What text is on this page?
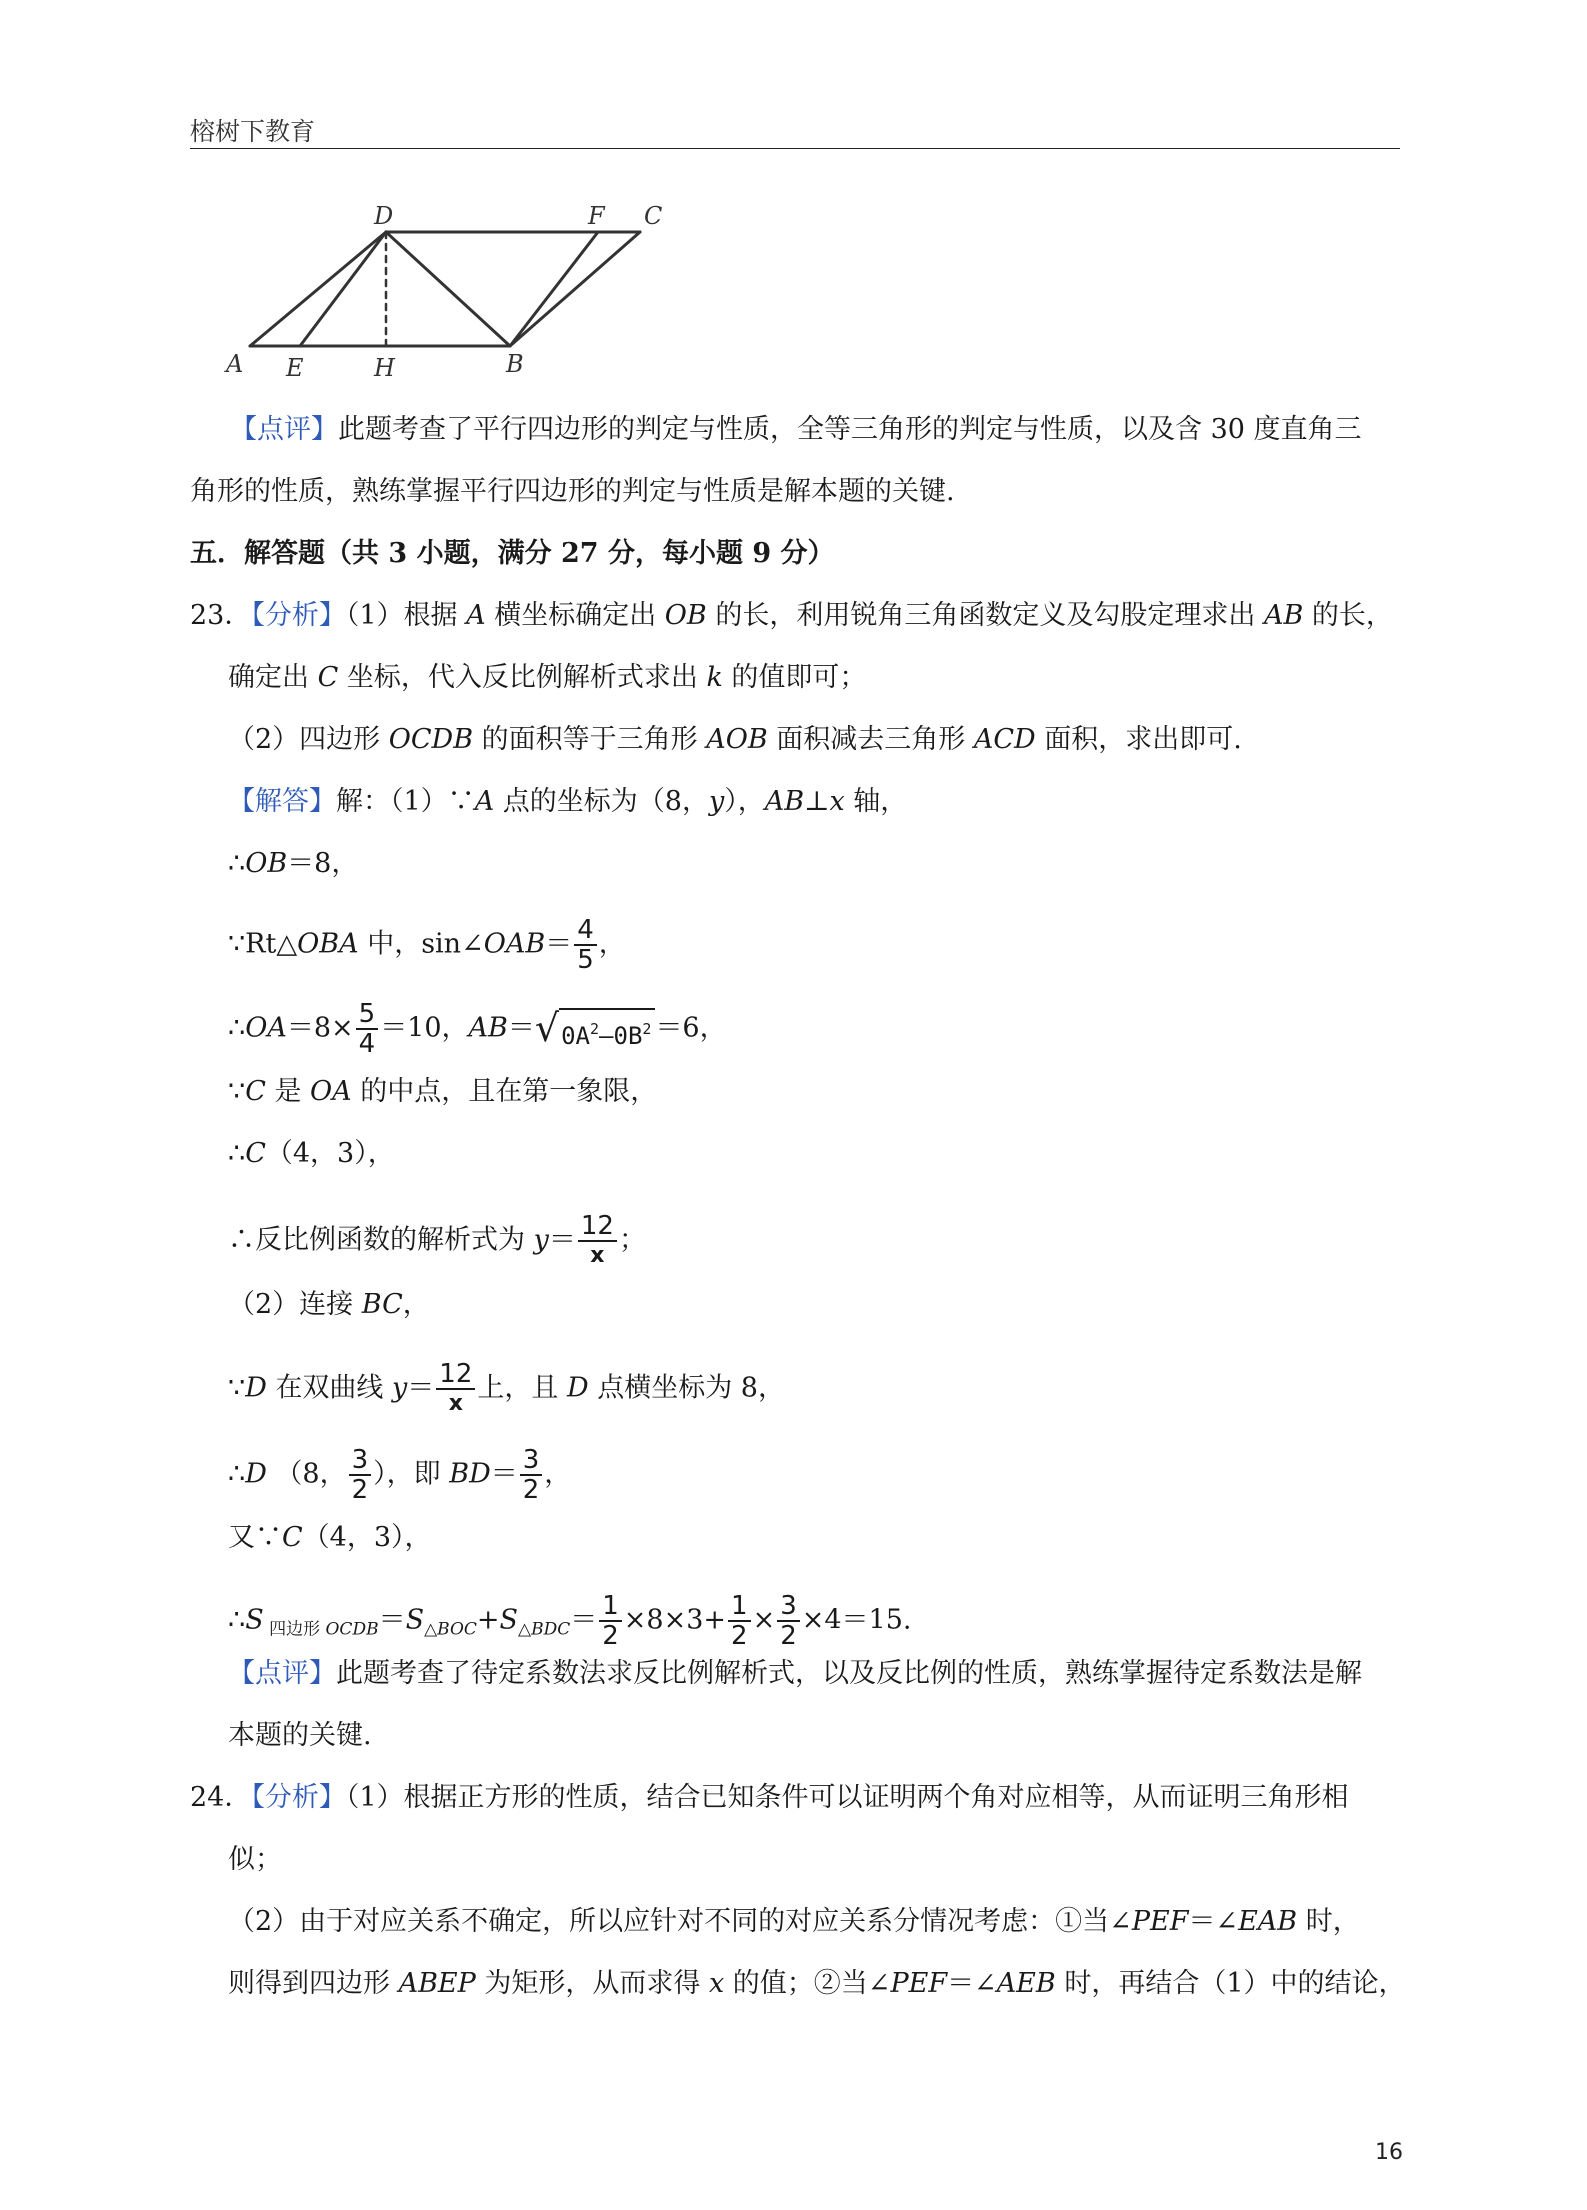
榕树下教育
D	F C
A E	H	B
【点评】此题考查了平行四边形的判定与性质，全等三角形的判定与性质，以及含 30 度直角三
角形的性质，熟练掌握平行四边形的判定与性质是解本题的关键.
五．解答题（共 3 小题，满分 27 分，每小题 9 分）
23．【分析】（1）根据 A 横坐标确定出 OB 的长，利用锐角三角函数定义及勾股定理求出 AB 的长，
确定出 C 坐标，代入反比例解析式求出 k 的值即可；
（2）四边形 OCDB 的面积等于三角形 AOB 面积减去三角形 ACD 面积，求出即可.
【解答】解：（1）∵A 点的坐标为（8，y），AB⊥x 轴，
∴OB＝8，
∵Rt△OBA 中，sin∠OAB＝ $\frac{4}{5}$ ，
∴OA＝8× $\frac{5}{4} =10$，AB＝ √ $0A^2-0B^2 =6$，
∵C 是 OA 的中点，且在第一象限，
∴C（4，3），
∴反比例函数的解析式为 $y= \frac{12}{x}$ ；
（2）连接 BC，
∵D 在双曲线 $y= \frac{12}{x}$ 上，且 D 点横坐标为 8，
∴D （8， $\frac{3}{2}$ ），即 $BD= \frac{3}{2}$ ，
又∵C（4，3），
∴S $_{四边形 OCDB}=S_{\triangle BOC}+S_{\triangle BDC}= \frac{1}{2} \times 8\times 3+ \frac{1}{2} \times \frac{3}{2} \times 4=15$.
【点评】此题考查了待定系数法求反比例解析式，以及反比例的性质，熟练掌握待定系数法是解
本题的关键.
24．【分析】（1）根据正方形的性质，结合已知条件可以证明两个角对应相等，从而证明三角形相
似；
（2）由于对应关系不确定，所以应针对不同的对应关系分情况考虑：①当∠PEF＝∠EAB 时，
则得到四边形 ABEP 为矩形，从而求得 x 的值；②当∠PEF＝∠AEB 时，再结合（1）中的结论，
16
